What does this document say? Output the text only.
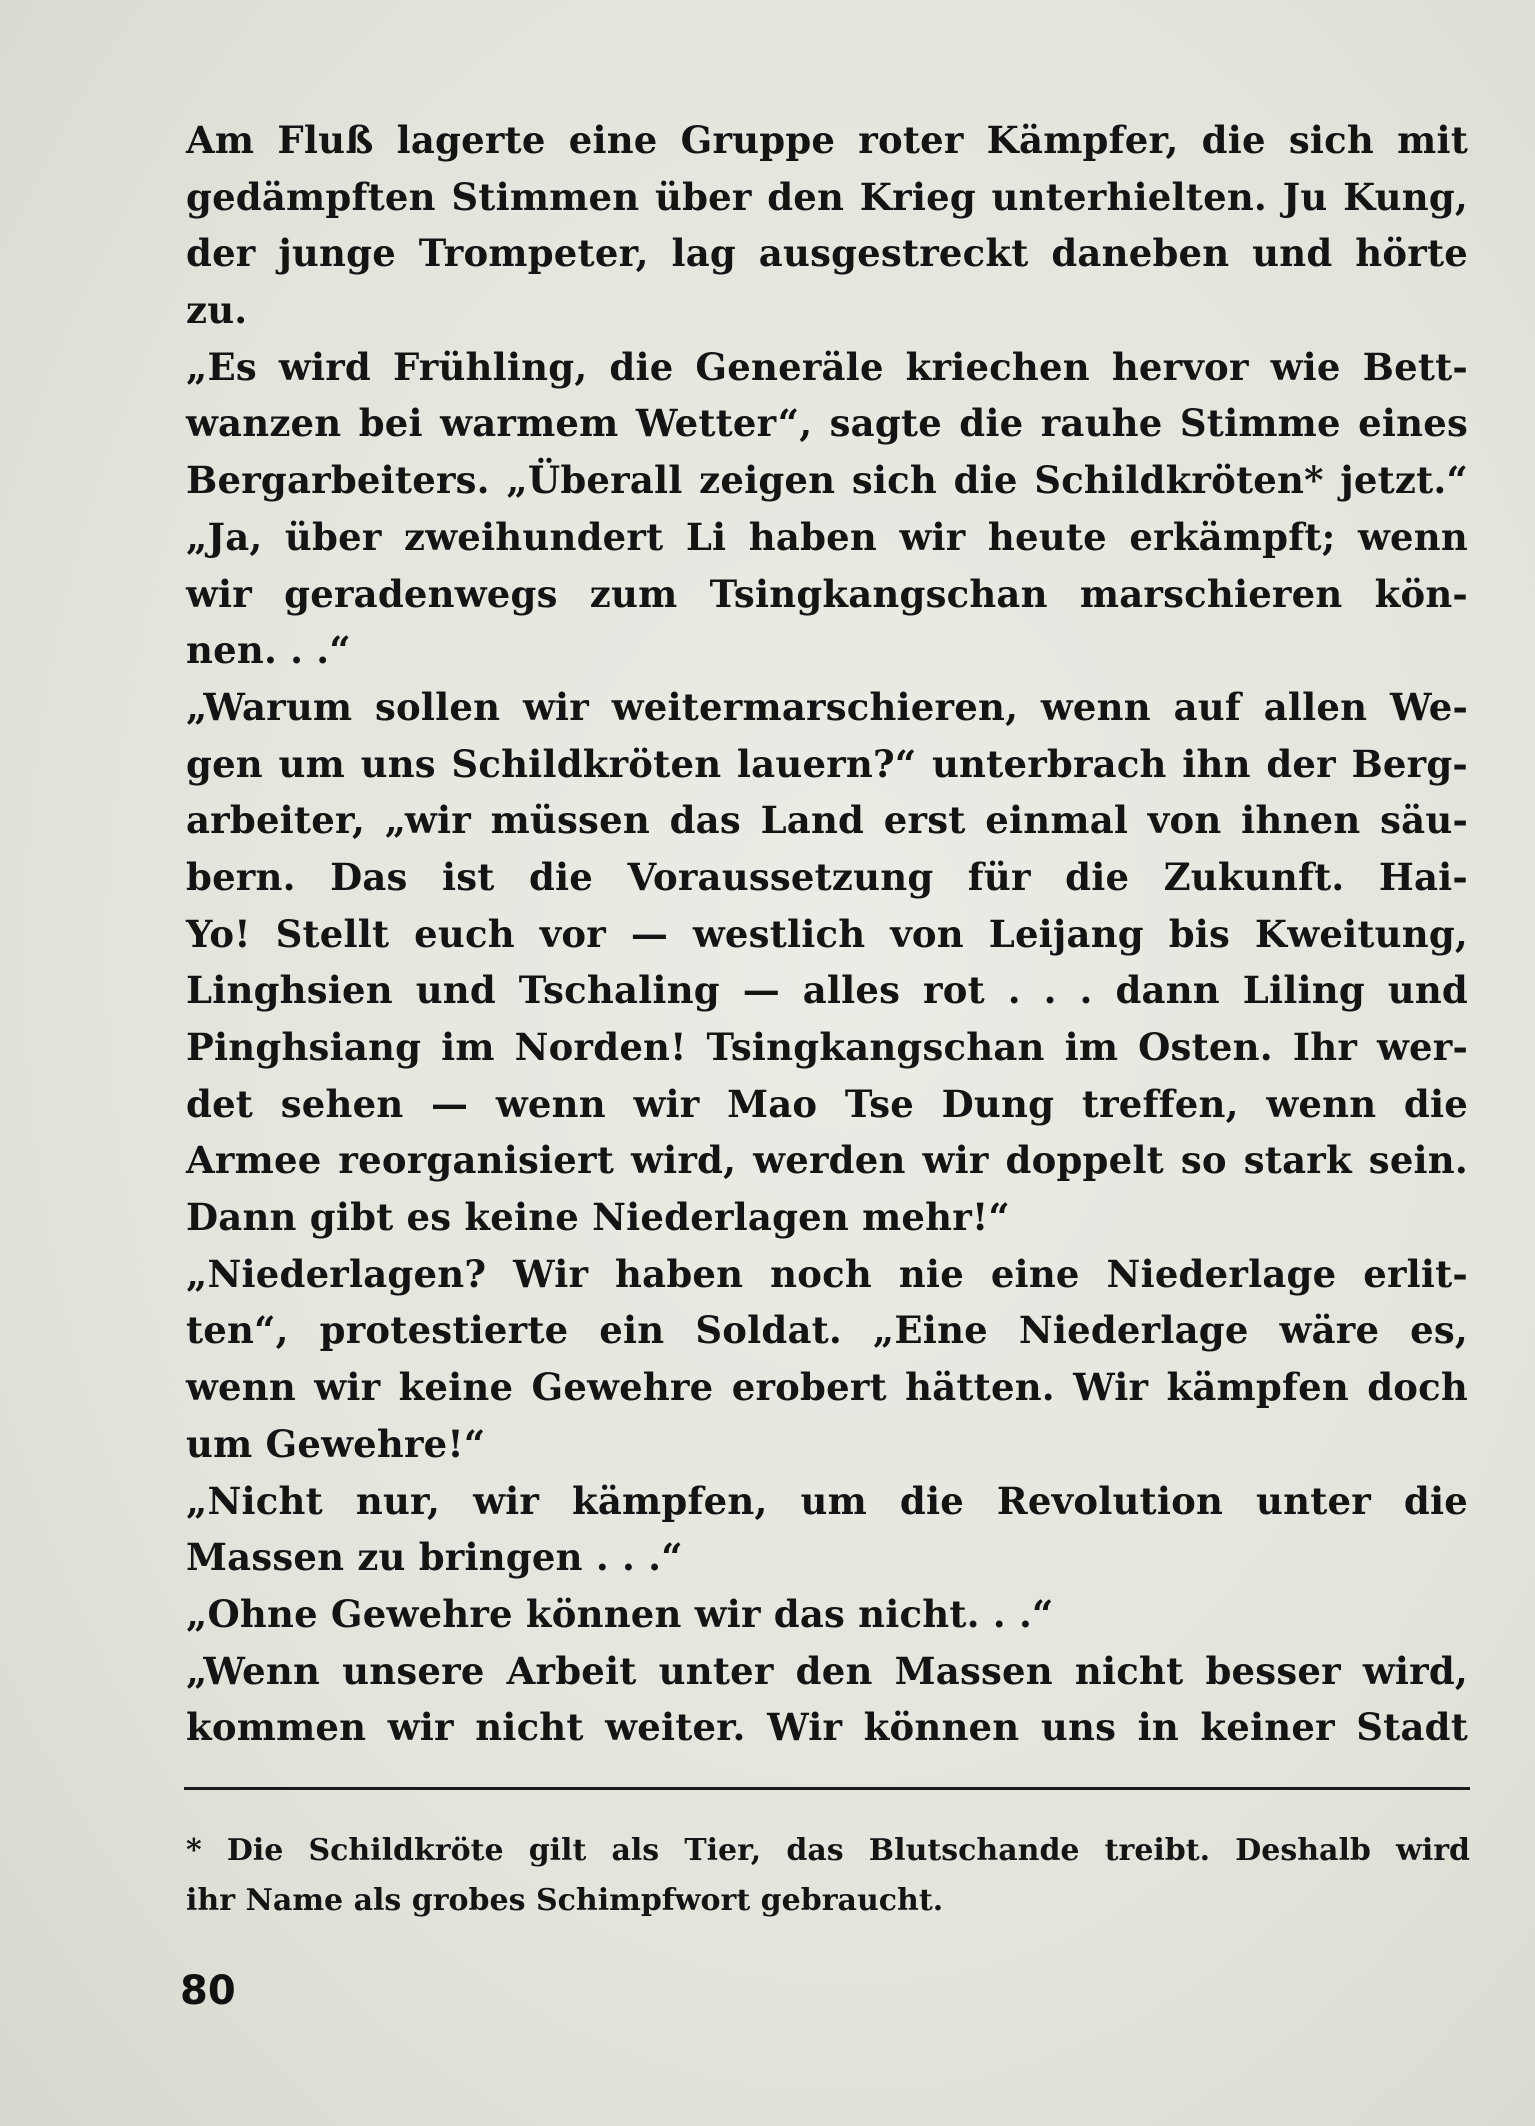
Am Fluß lagerte eine Gruppe roter Kämpfer, die sich mit
gedämpften Stimmen über den Krieg unterhielten. Ju Kung,
der junge Trompeter, lag ausgestreckt daneben und hörte
zu.
„Es wird Frühling, die Generäle kriechen hervor wie Bett-
wanzen bei warmem Wetter“, sagte die rauhe Stimme eines
Bergarbeiters. „Überall zeigen sich die Schildkröten* jetzt.“
„Ja, über zweihundert Li haben wir heute erkämpft; wenn
wir geradenwegs zum Tsingkangschan marschieren kön-
nen. . .“
„Warum sollen wir weitermarschieren, wenn auf allen We-
gen um uns Schildkröten lauern?“ unterbrach ihn der Berg-
arbeiter, „wir müssen das Land erst einmal von ihnen säu-
bern. Das ist die Voraussetzung für die Zukunft. Hai-
Yo! Stellt euch vor — westlich von Leijang bis Kweitung,
Linghsien und Tschaling — alles rot . . . dann Liling und
Pinghsiang im Norden! Tsingkangschan im Osten. Ihr wer-
det sehen — wenn wir Mao Tse Dung treffen, wenn die
Armee reorganisiert wird, werden wir doppelt so stark sein.
Dann gibt es keine Niederlagen mehr!“
„Niederlagen? Wir haben noch nie eine Niederlage erlit-
ten“, protestierte ein Soldat. „Eine Niederlage wäre es,
wenn wir keine Gewehre erobert hätten. Wir kämpfen doch
um Gewehre!“
„Nicht nur, wir kämpfen, um die Revolution unter die
Massen zu bringen . . .“
„Ohne Gewehre können wir das nicht. . .“
„Wenn unsere Arbeit unter den Massen nicht besser wird,
kommen wir nicht weiter. Wir können uns in keiner Stadt
* Die Schildkröte gilt als Tier, das Blutschande treibt. Deshalb wird
ihr Name als grobes Schimpfwort gebraucht.
80
